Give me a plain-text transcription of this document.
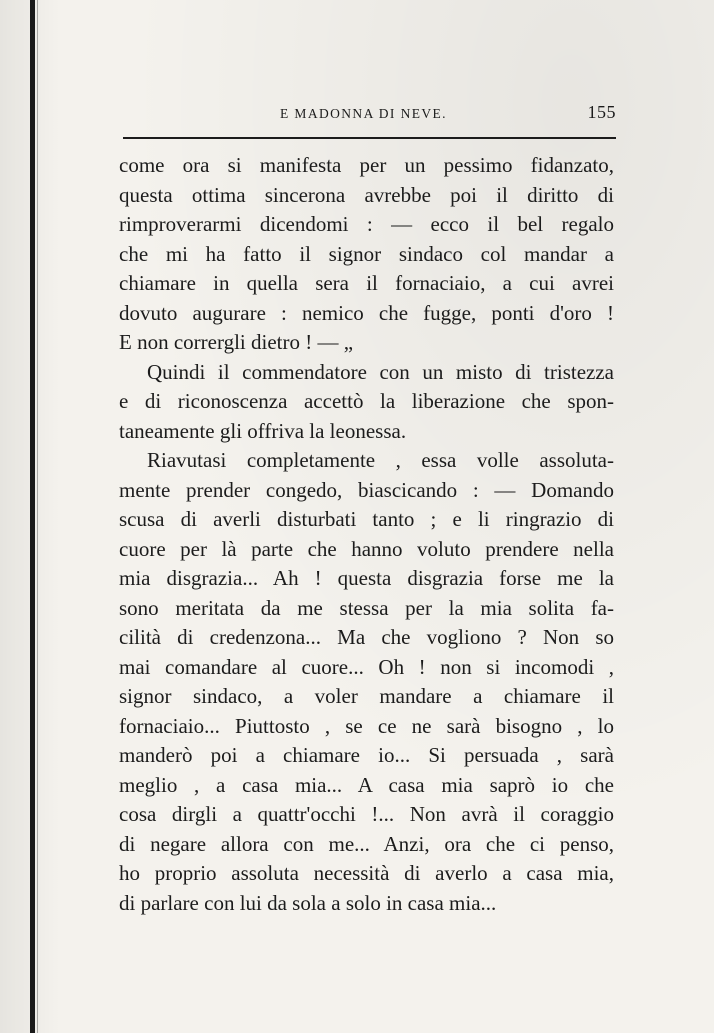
E MADONNA DI NEVE.	155
come ora si manifesta per un pessimo fidanzato,
questa ottima sincerona avrebbe poi il diritto di
rimproverarmi dicendomi : — ecco il bel regalo
che mi ha fatto il signor sindaco col mandar a
chiamare in quella sera il fornaciaio, a cui avrei
dovuto augurare : nemico che fugge, ponti d'oro !
E non corrergli dietro ! — „
Quindi il commendatore con un misto di tristezza
e di riconoscenza accettò la liberazione che spon-
taneamente gli offriva la leonessa.
Riavutasi completamente , essa volle assoluta-
mente prender congedo, biascicando : — Domando
scusa di averli disturbati tanto ; e li ringrazio di
cuore per là parte che hanno voluto prendere nella
mia disgrazia... Ah ! questa disgrazia forse me la
sono meritata da me stessa per la mia solita fa-
cilità di credenzona... Ma che vogliono ? Non so
mai comandare al cuore... Oh ! non si incomodi ,
signor sindaco, a voler mandare a chiamare il
fornaciaio... Piuttosto , se ce ne sarà bisogno , lo
manderò poi a chiamare io... Si persuada , sarà
meglio , a casa mia... A casa mia saprò io che
cosa dirgli a quattr'occhi !... Non avrà il coraggio
di negare allora con me... Anzi, ora che ci penso,
ho proprio assoluta necessità di averlo a casa mia,
di parlare con lui da sola a solo in casa mia...
